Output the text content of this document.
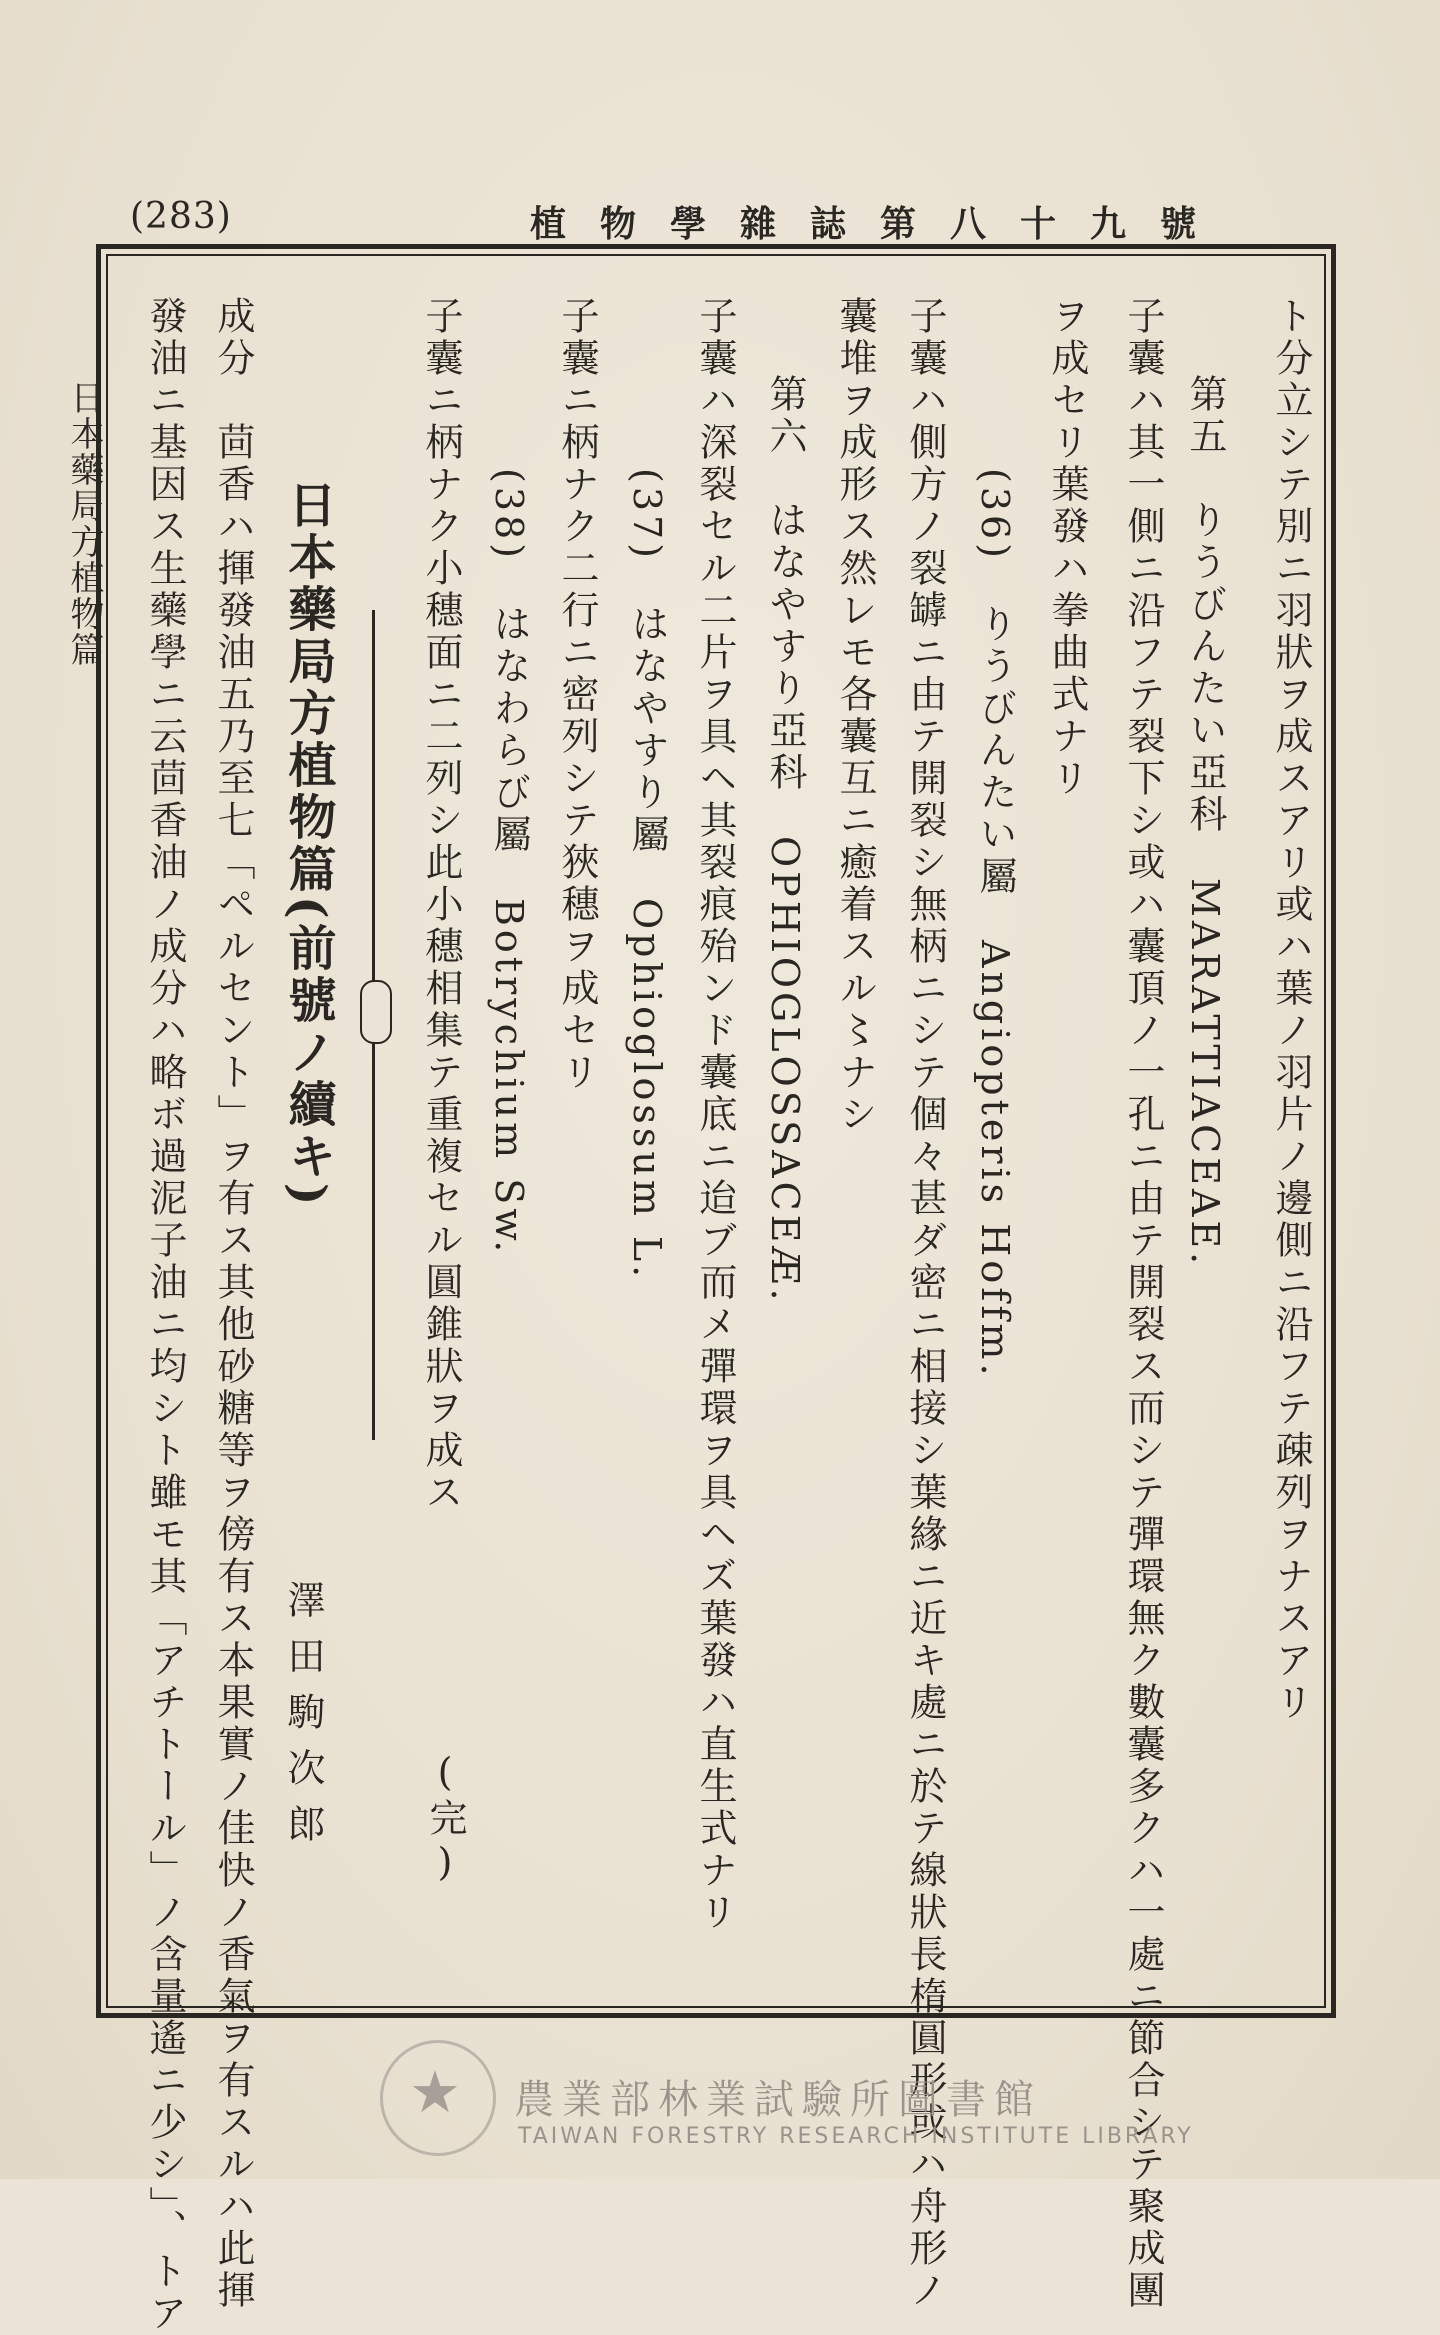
(283)	植物學雜誌第八十九號
日本藥局方植物篇	ト分立シテ別ニ羽狀ヲ成スアリ或ハ葉ノ羽片ノ邊側ニ沿フテ疎列ヲナスアリ
子囊ハ其一側ニ沿フテ裂下シ或ハ囊頂ノ一孔ニ由テ開裂ス而シテ彈環無ク數囊多クハ一處ニ節合シテ聚成團
ヲ成セリ葉發ハ拳曲式ナリ 第五　りうびんたい亞科　MARATTIACEAE.
(36)　りうびんたい屬　Angiopteris Hoffm.
子囊ハ側方ノ裂罅ニ由テ開裂シ無柄ニシテ個々甚ダ密ニ相接シ葉緣ニ近キ處ニ於テ線狀長楕圓形或ハ舟形ノ
囊堆ヲ成形ス然レモ各囊互ニ癒着スル〻ナシ
第六　はなやすり亞科　OPHIOGLOSSACEÆ.
子囊ハ深裂セル二片ヲ具ヘ其裂痕殆ンド囊底ニ迨ブ而メ彈環ヲ具ヘズ葉發ハ直生式ナリ
(37)　はなやすり屬　Ophioglossum L.
子囊ニ柄ナク二行ニ密列シテ狹穗ヲ成セリ
(38)　はなわらび屬　Botrychium Sw.
子囊ニ柄ナク小穗面ニ二列シ此小穗相集テ重複セル圓錐狀ヲ成ス
(完)
日本藥局方植物篇(前號ノ續キ)
澤田駒次郎
成分　茴香ハ揮發油五乃至七「ペルセント」ヲ有ス其他砂糖等ヲ傍有ス本果實ノ佳快ノ香氣ヲ有スルハ此揮
發油ニ基因ス生藥學ニ云茴香油ノ成分ハ略ボ過泥子油ニ均シト雖モ其「アチトール」ノ含量遙ニ少シ」、トア	★ 農業部林業試驗所圖書館
TAIWAN FORESTRY RESEARCH INSTITUTE LIBRARY
